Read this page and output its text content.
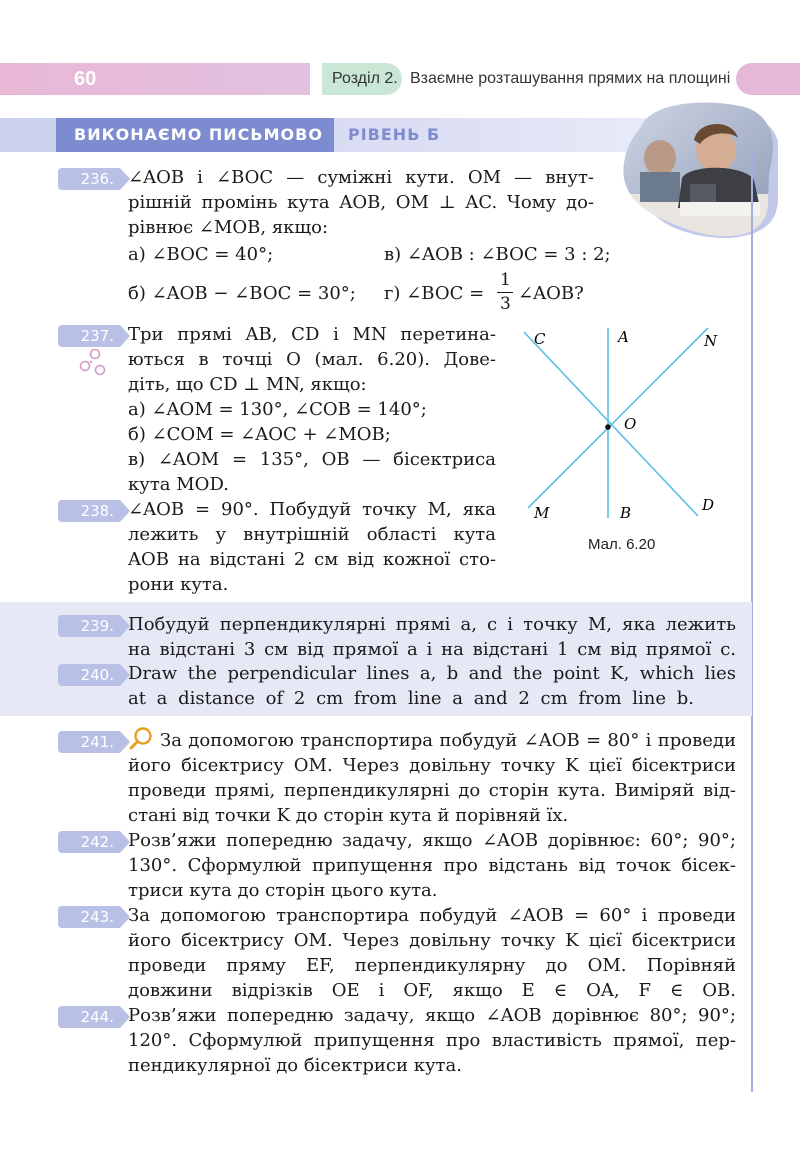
60	Розділ 2. Взаємне розташування прямих на площині
ВИКОНАЄМО ПИСЬМОВО РІВЕНЬ Б
236. ∠AOB і ∠BOC — суміжні кути. OM — внут-
рішній промінь кута AOB, OM ⊥ AC. Чому до-
рівнює ∠MOB, якщо:
а) ∠BOC = 40°;	в) ∠AOB : ∠BOC = 3 : 2;
б) ∠AOB − ∠BOC = 30°; г) ∠BOC =
1
3 ∠AOB?
237. Три прямі AB, CD і MN перетина-
ються в точці O (мал. 6.20). Дове-
діть, що CD ⊥ MN, якщо:
а) ∠AOM = 130°, ∠COB = 140°;
б) ∠COM = ∠AOC + ∠MOB;
в) ∠AOM = 135°, OB — бісектриса
кута MOD.
238. ∠AOB = 90°. Побудуй точку M, яка
лежить у внутрішній області кута
AOB на відстані 2 см від кожної сто-
рони кута.
C	A	N
O
M	B	D
Мал. 6.20
239. Побудуй перпендикулярні прямі a, c і точку M, яка лежить
на відстані 3 см від прямої a і на відстані 1 см від прямої c.
240. Draw the perpendicular lines a, b and the point K, which lies
at a distance of 2 cm from line a and 2 cm from line b.
241.	За допомогою транспортира побудуй ∠AOB = 80° і проведи
його бісектрису OM. Через довільну точку K цієї бісектриси
проведи прямі, перпендикулярні до сторін кута. Виміряй від-
стані від точки K до сторін кута й порівняй їх.
242. Розв’яжи попередню задачу, якщо ∠AOB дорівнює: 60°; 90°;
130°. Сформулюй припущення про відстань від точок бісек-
триси кута до сторін цього кута.
243. За допомогою транспортира побудуй ∠AOB = 60° і проведи
його бісектрису OM. Через довільну точку K цієї бісектриси
проведи пряму EF, перпендикулярну до OM. Порівняй
довжини відрізків OE і OF, якщо E ∈ OA, F ∈ OB.
244. Розв’яжи попередню задачу, якщо ∠AOB дорівнює 80°; 90°;
120°. Сформулюй припущення про властивість прямої, пер-
пендикулярної до бісектриси кута.
